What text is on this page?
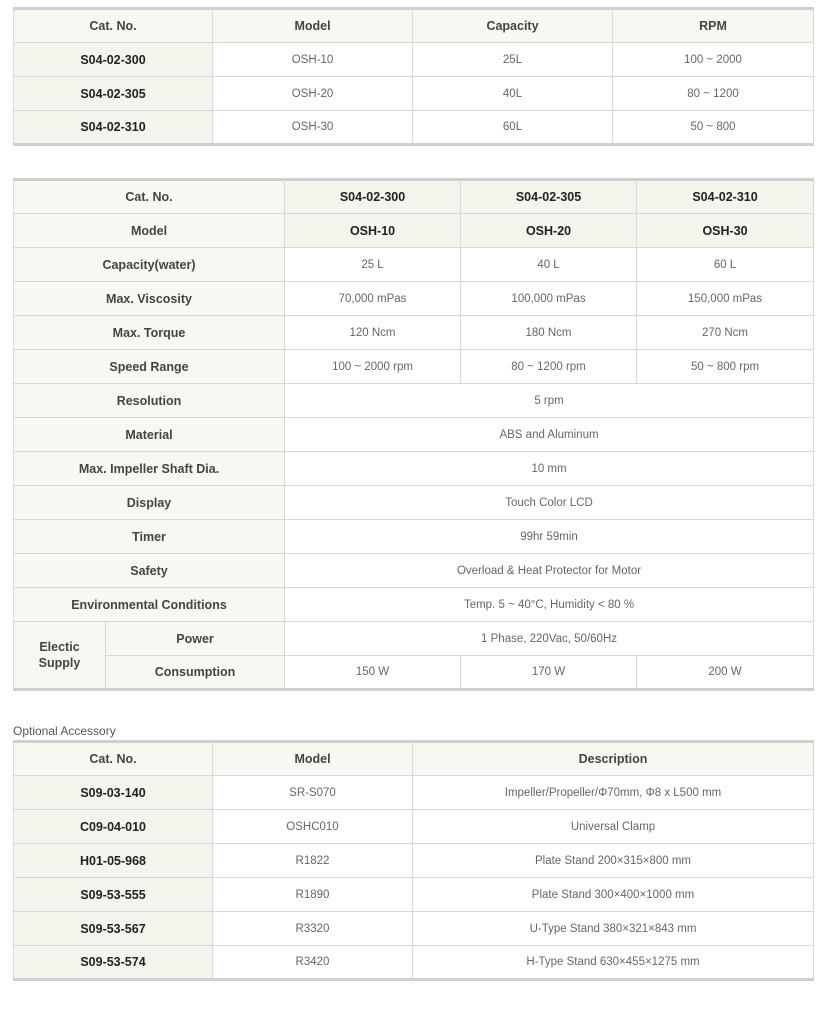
Cat. No.	Model	Capacity	RPM
S04-02-300	OSH-10	25L	100 ~ 2000
S04-02-305	OSH-20	40L	80 ~ 1200
S04-02-310	OSH-30	60L	50 ~ 800
Cat. No.		S04-02-300	S04-02-305	S04-02-310
Model		OSH-10	OSH-20	OSH-30
Capacity(water)		25 L	40 L	60 L
Max. Viscosity		70,000 mPas	100,000 mPas	150,000 mPas
Max. Torque		120 Ncm	180 Ncm	270 Ncm
Speed Range		100 ~ 2000 rpm	80 ~ 1200 rpm	50 ~ 800 rpm
Resolution		5 rpm		
Material		ABS and Aluminum		
Max. Impeller Shaft Dia.		10 mm		
Display		Touch Color LCD		
Timer		99hr 59min		
Safety		Overload & Heat Protector for Motor		
Environmental Conditions		Temp. 5 ~ 40°C, Humidity < 80 %		
Electic
Supply	Power	1 Phase, 220Vac, 50/60Hz		
	Consumption	150 W	170 W	200 W
Optional Accessory
Cat. No.	Model	Description
S09-03-140	SR-S070	Impeller/Propeller/Φ70mm, Φ8 x L500 mm
C09-04-010	OSHC010	Universal Clamp
H01-05-968	R1822	Plate Stand 200×315×800 mm
S09-53-555	R1890	Plate Stand 300×400×1000 mm
S09-53-567	R3320	U-Type Stand 380×321×843 mm
S09-53-574	R3420	H-Type Stand 630×455×1275 mm
